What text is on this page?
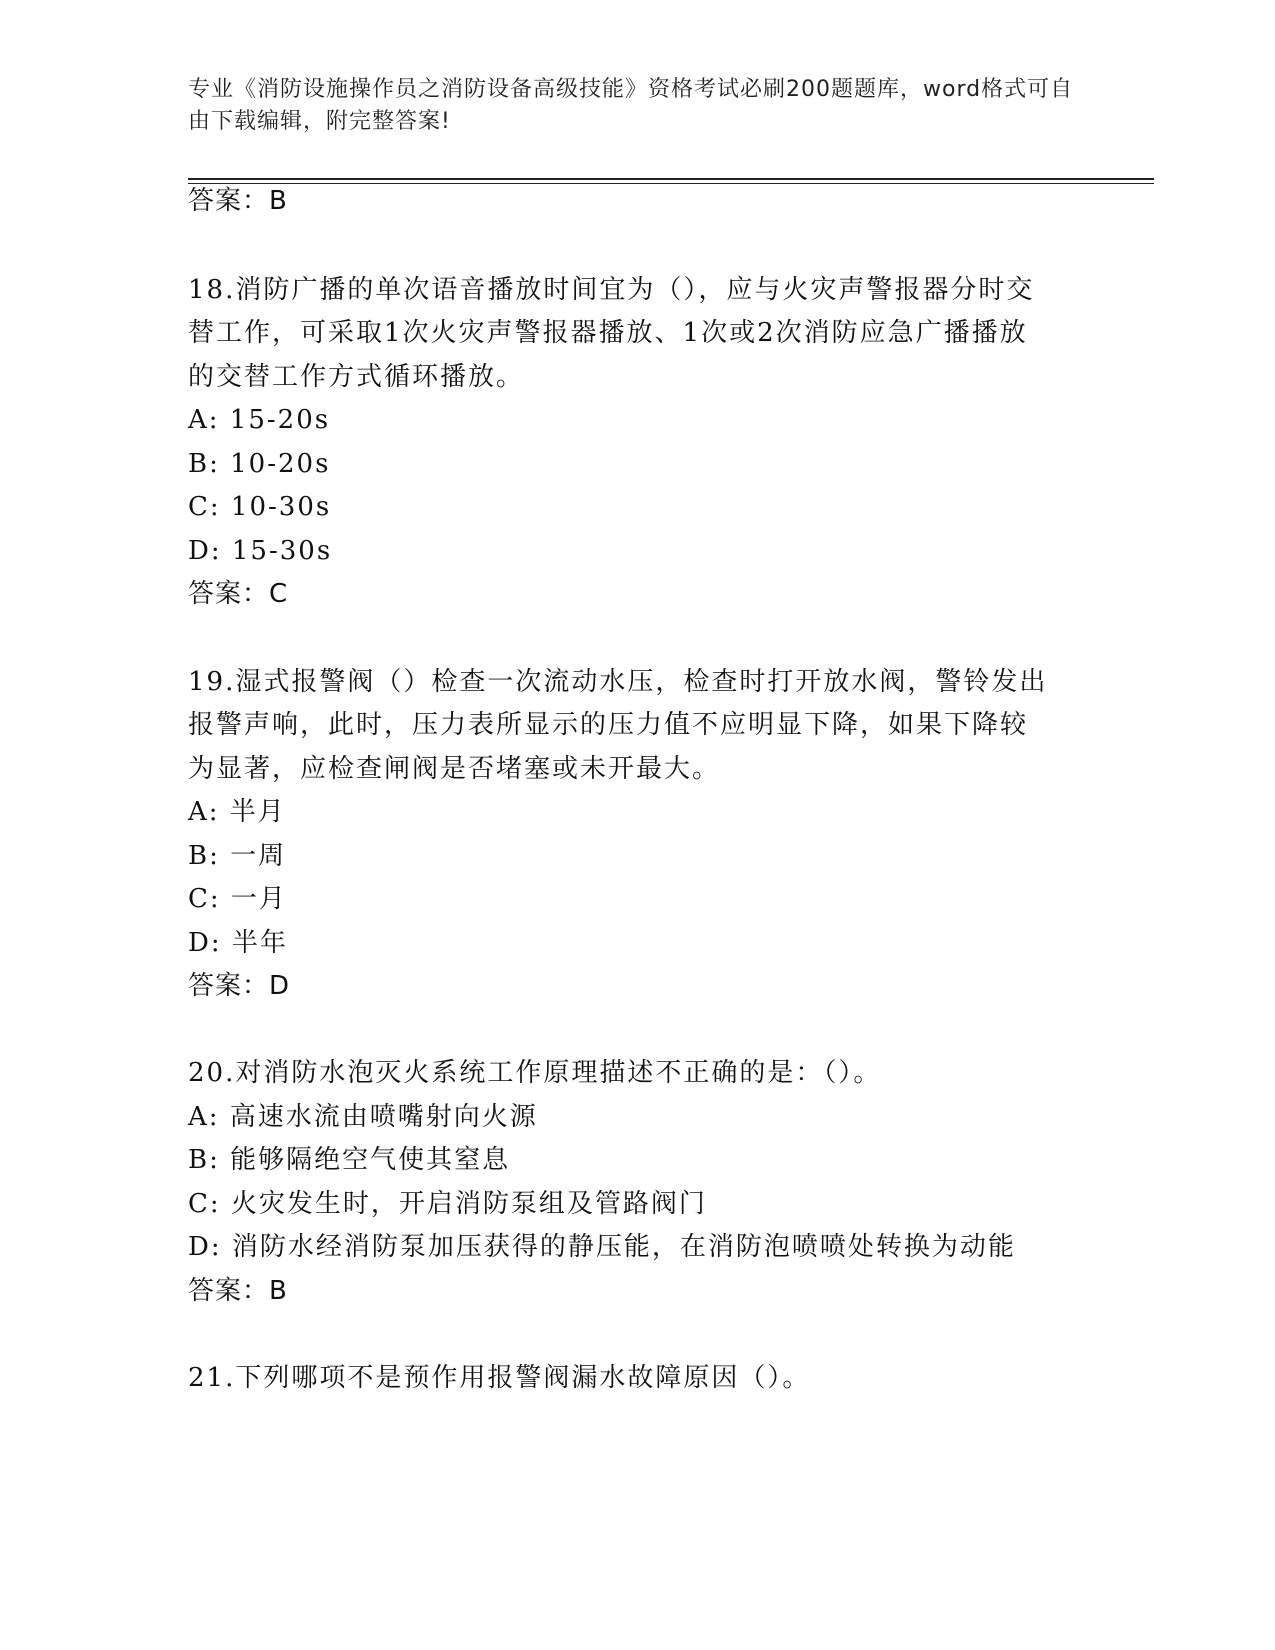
专业《消防设施操作员之消防设备高级技能》资格考试必刷200题题库，word格式可自由下载编辑，附完整答案!
答案：B
18.消防广播的单次语音播放时间宜为（），应与火灾声警报器分时交
替工作，可采取1次火灾声警报器播放、1次或2次消防应急广播播放
的交替工作方式循环播放。
A: 15-20s
B: 10-20s
C: 10-30s
D: 15-30s
答案：C
19.湿式报警阀（）检查一次流动水压，检查时打开放水阀，警铃发出
报警声响，此时，压力表所显示的压力值不应明显下降，如果下降较
为显著，应检查闸阀是否堵塞或未开最大。
A: 半月
B: 一周
C: 一月
D: 半年
答案：D
20.对消防水泡灭火系统工作原理描述不正确的是：（）。
A: 高速水流由喷嘴射向火源
B: 能够隔绝空气使其窒息
C: 火灾发生时，开启消防泵组及管路阀门
D: 消防水经消防泵加压获得的静压能，在消防泡喷喷处转换为动能
答案：B
21.下列哪项不是预作用报警阀漏水故障原因（）。
